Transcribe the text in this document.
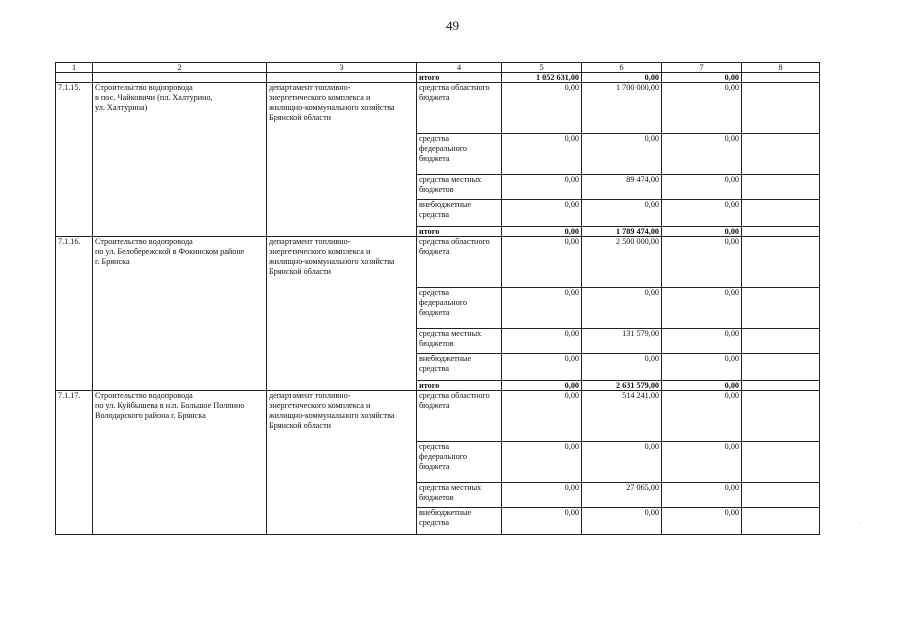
49
1	2	3	4	5	6	7	8
			итого	1 052 631,00	0,00	0,00	
7.1.15.	Строительство водопровода
в пос. Чайковичи (пл. Халтурино,
ул. Халтурина)	департамент топливно-
энергетического комплекса и
жилищно-коммунального хозяйства
Брянской области	средства областного
бюджета	0,00	1 700 000,00	0,00	
			средства
федерального
бюджета	0,00	0,00	0,00	
			средства местных
бюджетов	0,00	89 474,00	0,00	
			внебюджетные
средства	0,00	0,00	0,00	
			итого	0,00	1 789 474,00	0,00	
7.1.16.	Строительство водопровода
по ул. Белобережской в Фокинском районе
г. Брянска	департамент топливно-
энергетического комплекса и
жилищно-коммунального хозяйства
Брянской области	средства областного
бюджета	0,00	2 500 000,00	0,00	
			средства
федерального
бюджета	0,00	0,00	0,00	
			средства местных
бюджетов	0,00	131 579,00	0,00	
			внебюджетные
средства	0,00	0,00	0,00	
			итого	0,00	2 631 579,00	0,00	
7.1.17.	Строительство водопровода
по ул. Куйбышева в н.п. Большое Полпино
Володарского района г. Брянска	департамент топливно-
энергетического комплекса и
жилищно-коммунального хозяйства
Брянской области	средства областного
бюджета	0,00	514 241,00	0,00	
			средства
федерального
бюджета	0,00	0,00	0,00	
			средства местных
бюджетов	0,00	27 065,00	0,00	
			внебюджетные
средства	0,00	0,00	0,00	
·
